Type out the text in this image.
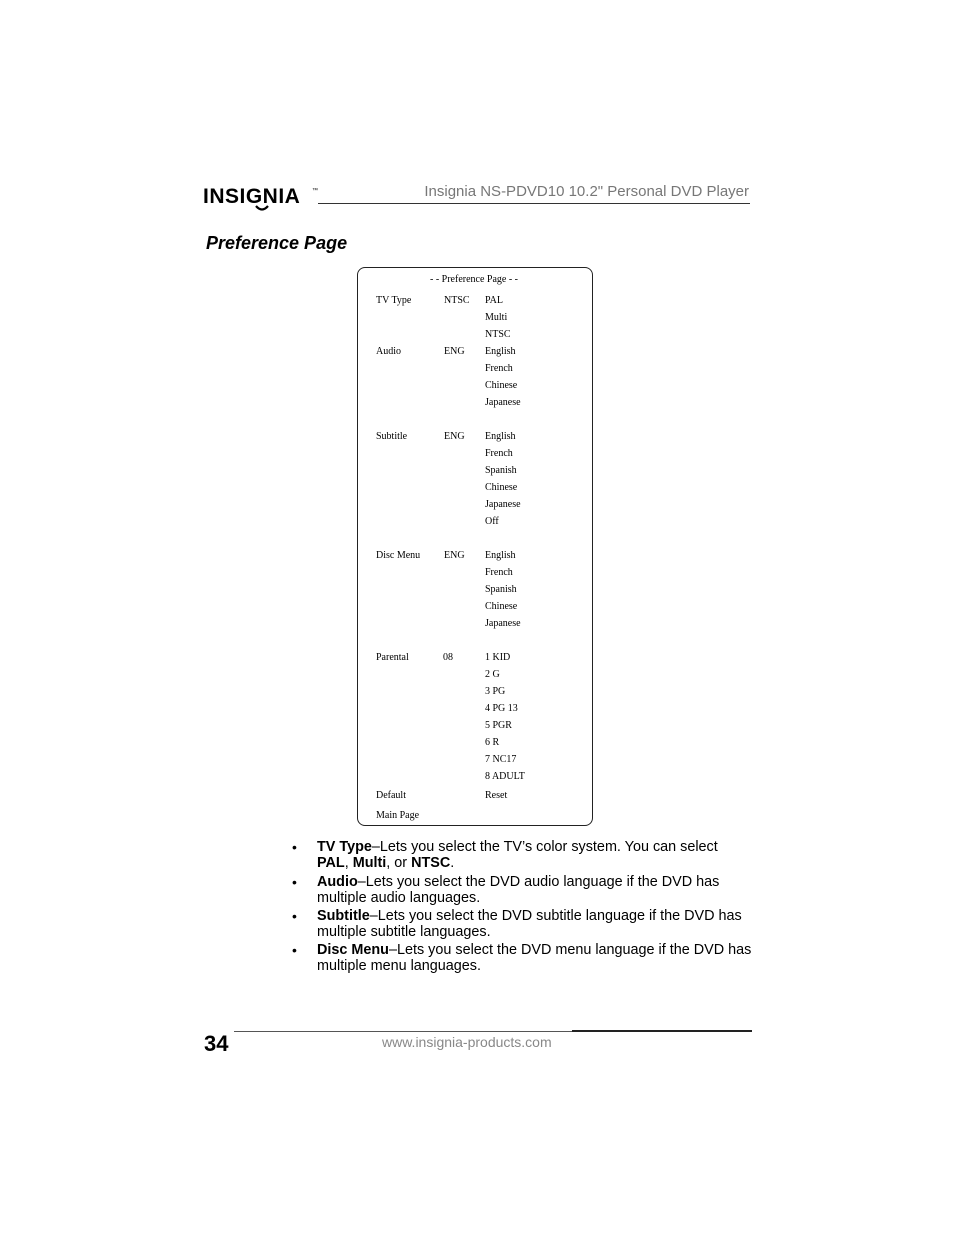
INSIGNIA ™	Insignia NS-PDVD10 10.2" Personal DVD Player
Preference Page
- - Preference Page - -
TV Type	NTSC PAL
Multi
NTSC
Audio	ENG English
French
Chinese
Japanese
Subtitle	ENG English
French
Spanish
Chinese
Japanese
Off
Disc Menu ENG English
French
Spanish
Chinese
Japanese
Parental	08	1 KID
2 G
3 PG
4 PG 13
5 PGR
6 R
7 NC17
8 ADULT
Default	Reset
Main Page
•	TV Type–Lets you select the TV’s color system. You can select PAL, Multi, or NTSC.
•	Audio–Lets you select the DVD audio language if the DVD has multiple audio languages.
•	Subtitle–Lets you select the DVD subtitle language if the DVD has multiple subtitle languages.
•	Disc Menu–Lets you select the DVD menu language if the DVD has multiple menu languages.
34	www.insignia-products.com
